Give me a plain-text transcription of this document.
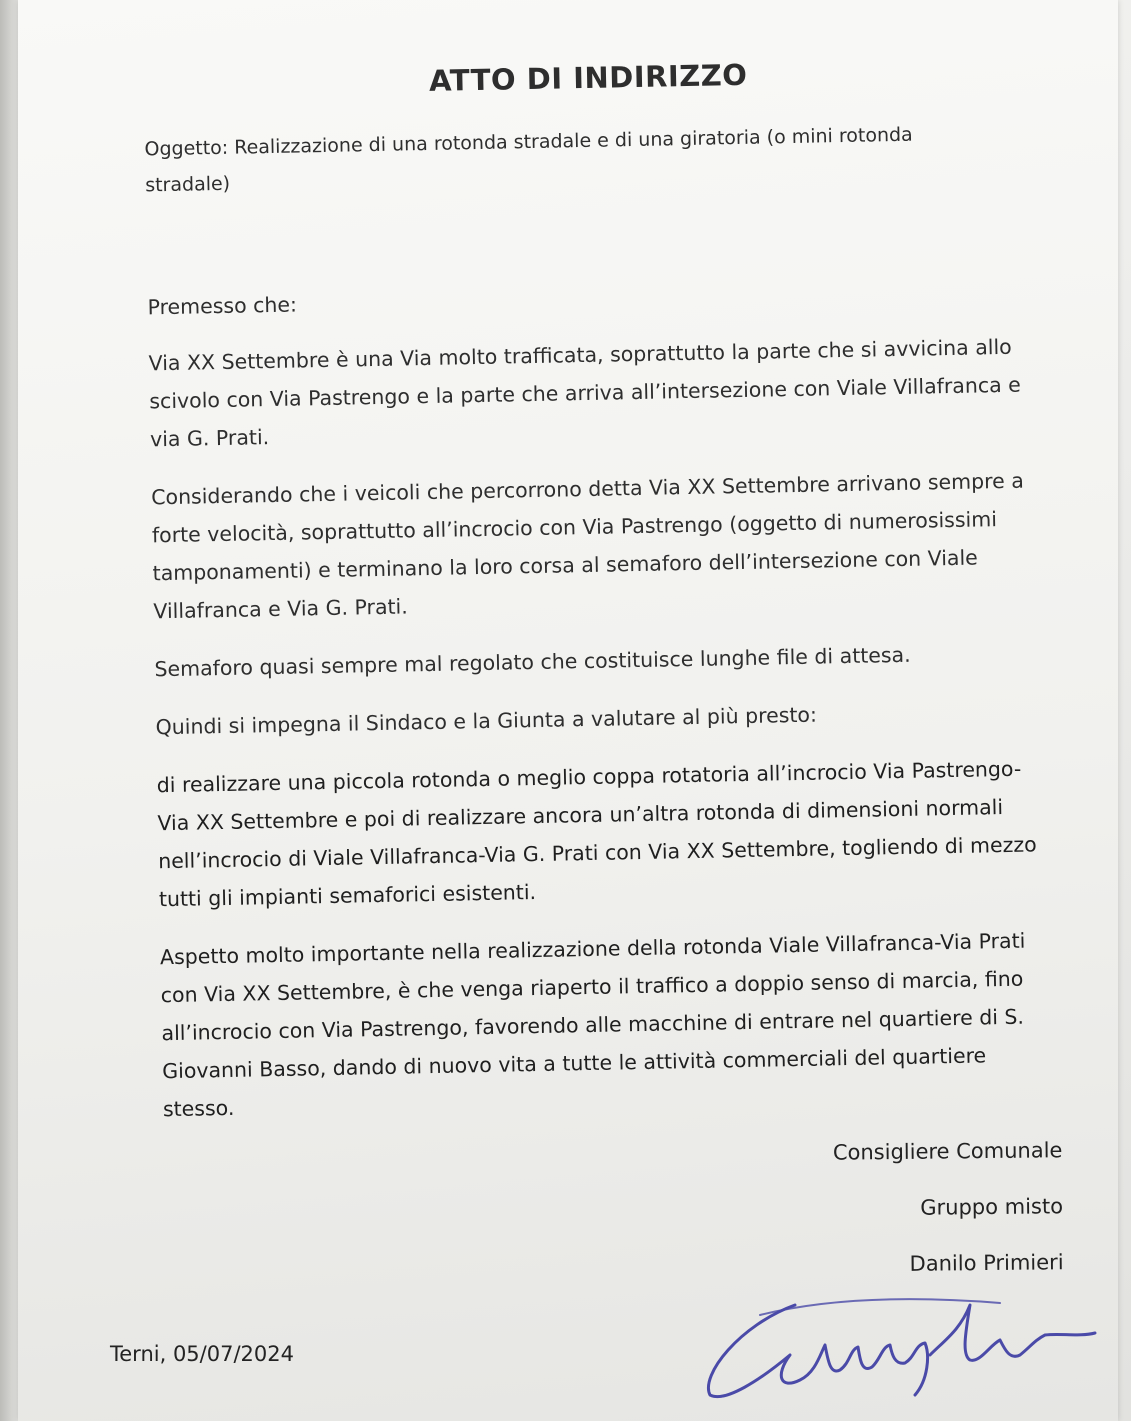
ATTO DI INDIRIZZO
Oggetto: Realizzazione di una rotonda stradale e di una giratoria (o mini rotonda stradale)
Premesso che:
Via XX Settembre è una Via molto trafficata, soprattutto la parte che si avvicina allo scivolo con Via Pastrengo e la parte che arriva all’intersezione con Viale Villafranca e via G. Prati.
Considerando che i veicoli che percorrono detta Via XX Settembre arrivano sempre a forte velocità, soprattutto all’incrocio con Via Pastrengo (oggetto di numerosissimi tamponamenti) e terminano la loro corsa al semaforo dell’intersezione con Viale Villafranca e Via G. Prati.
Semaforo quasi sempre mal regolato che costituisce lunghe file di attesa.
Quindi si impegna il Sindaco e la Giunta a valutare al più presto:
di realizzare una piccola rotonda o meglio coppa rotatoria all’incrocio Via Pastrengo-Via XX Settembre e poi di realizzare ancora un’altra rotonda di dimensioni normali nell’incrocio di Viale Villafranca-Via G. Prati con Via XX Settembre, togliendo di mezzo tutti gli impianti semaforici esistenti.
Aspetto molto importante nella realizzazione della rotonda Viale Villafranca-Via Prati con Via XX Settembre, è che venga riaperto il traffico a doppio senso di marcia, fino all’incrocio con Via Pastrengo, favorendo alle macchine di entrare nel quartiere di S. Giovanni Basso, dando di nuovo vita a tutte le attività commerciali del quartiere stesso.
Consigliere Comunale
Gruppo misto
Danilo Primieri
Terni, 05/07/2024
